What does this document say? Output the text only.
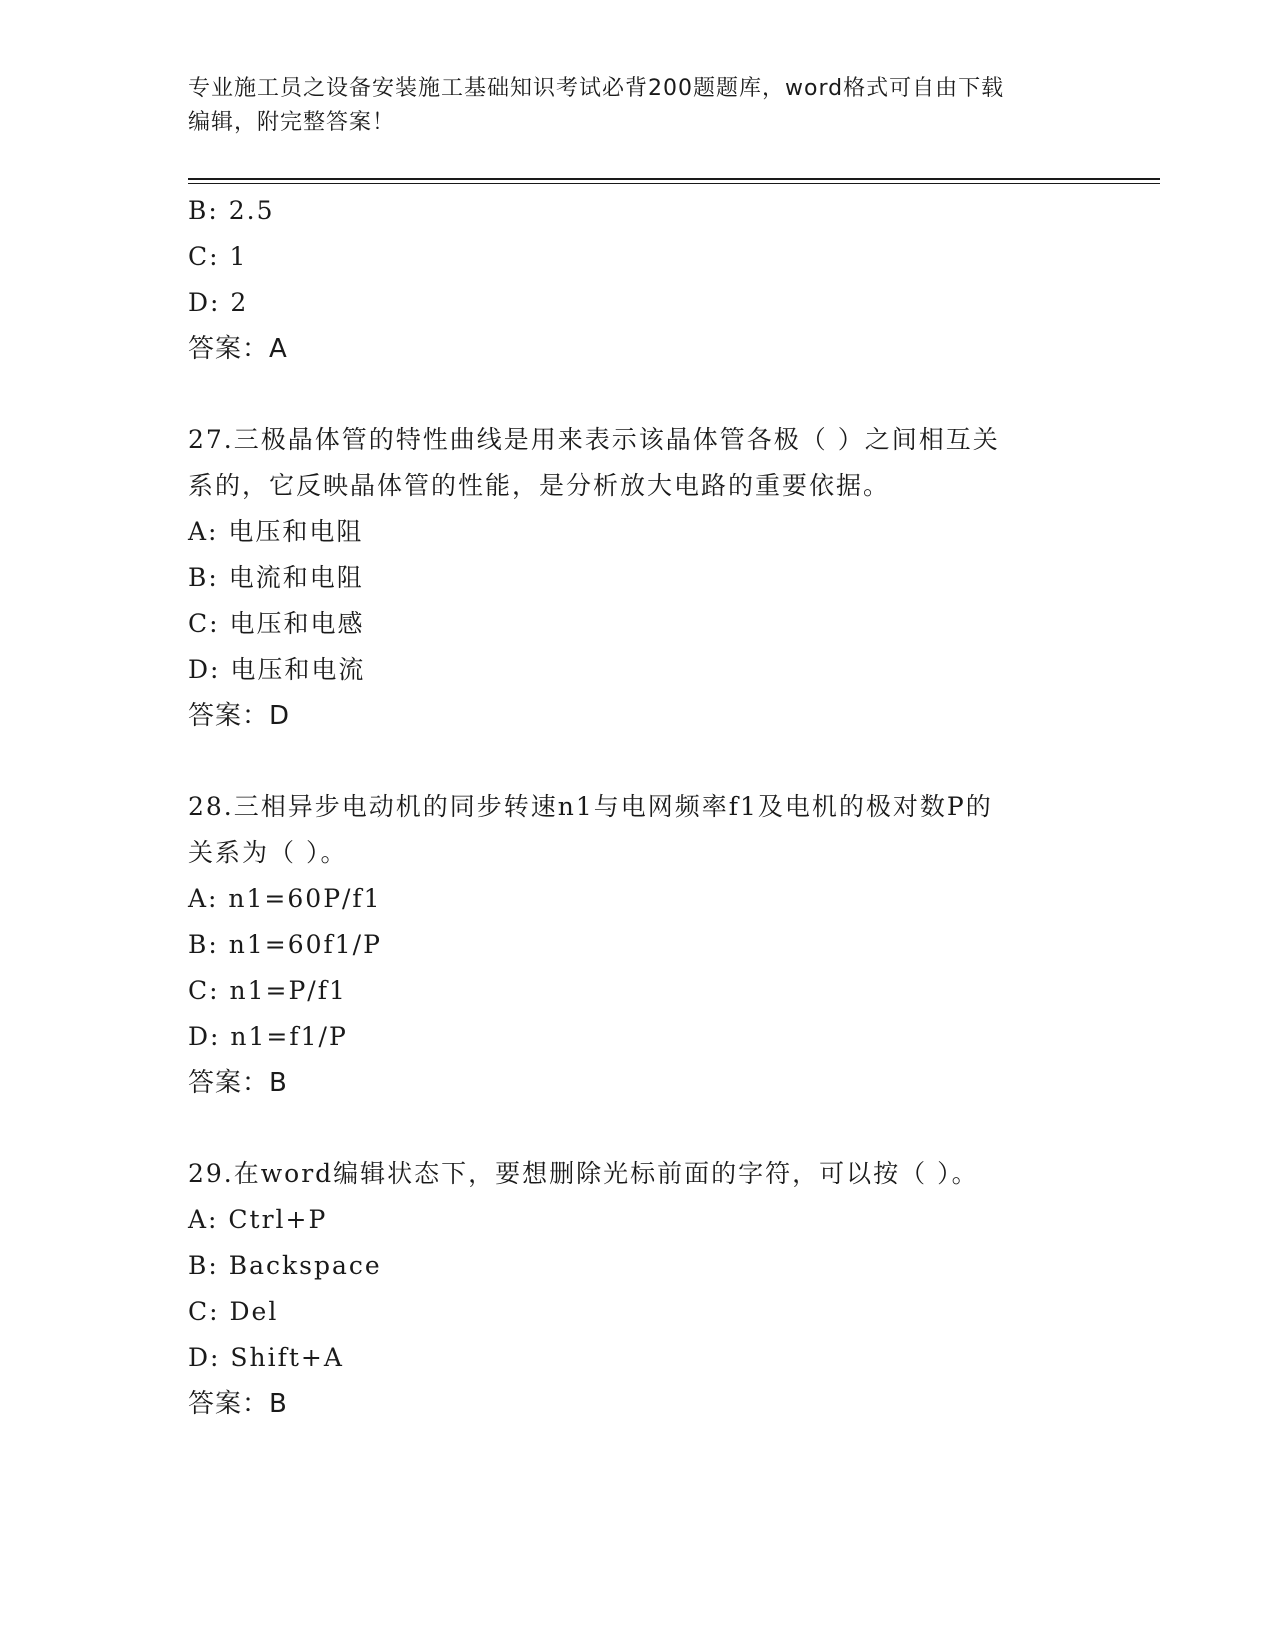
专业施工员之设备安装施工基础知识考试必背200题题库，word格式可自由下载
编辑，附完整答案！
B: 2.5
C: 1
D: 2
答案：A
27.三极晶体管的特性曲线是用来表示该晶体管各极（ ）之间相互关
系的，它反映晶体管的性能，是分析放大电路的重要依据。
A: 电压和电阻
B: 电流和电阻
C: 电压和电感
D: 电压和电流
答案：D
28.三相异步电动机的同步转速n1与电网频率f1及电机的极对数P的
关系为（ ）。
A: n1=60P/f1
B: n1=60f1/P
C: n1=P/f1
D: n1=f1/P
答案：B
29.在word编辑状态下，要想删除光标前面的字符，可以按（ ）。
A: Ctrl+P
B: Backspace
C: Del
D: Shift+A
答案：B
